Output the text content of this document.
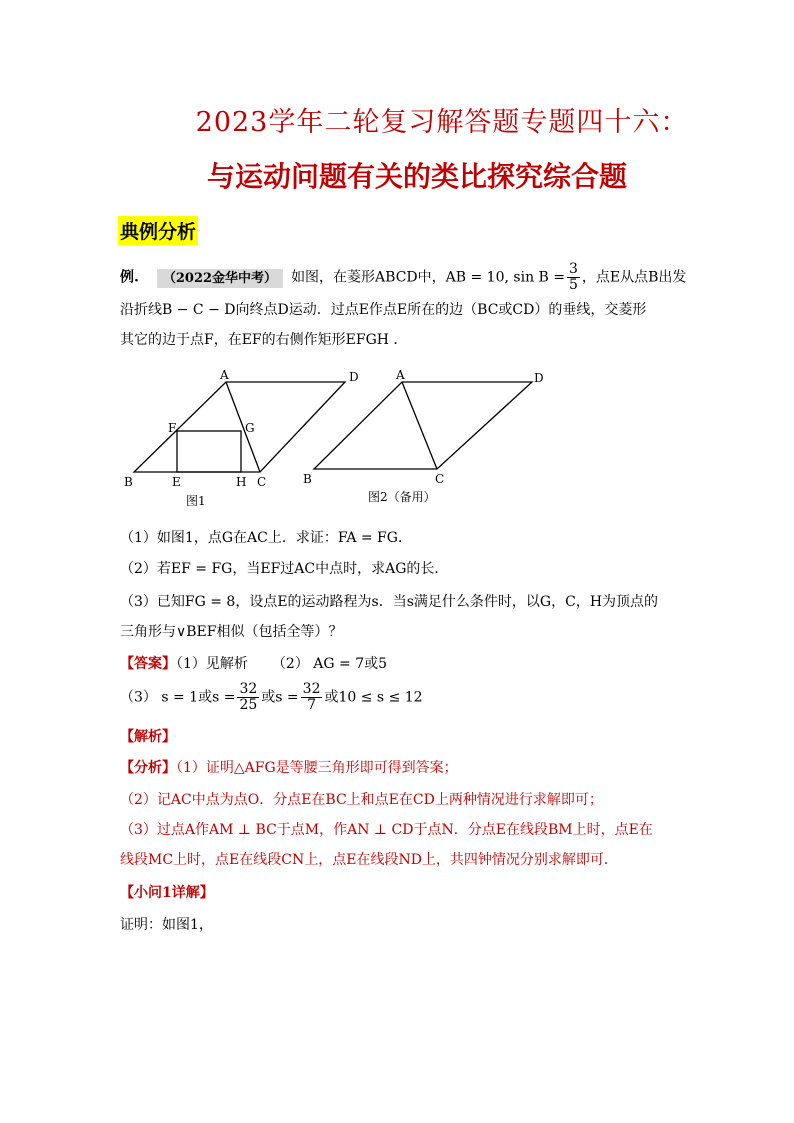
2023学年二轮复习解答题专题四十六：
与运动问题有关的类比探究综合题
典例分析
例. （2022金华中考） 如图，在菱形ABCD中，AB = 10, $\sin B = \frac{3}{5}$ ，点E从点B出发
沿折线B − C − D向终点D运动．过点E作点E所在的边（BC或CD）的垂线，交菱形
其它的边于点F，在EF的右侧作矩形EFGH ．
A	D
B	C
E
F	G
H
图1
A	D
B	C
图2（备用）
（1）如图1，点G在AC上．求证：FA = FG．
（2）若EF = FG，当EF过AC中点时，求AG的长．
（3）已知FG = 8，设点E的运动路程为s．当s满足什么条件时，以G，C，H为顶点的
三角形与∨BEF相似（包括全等）？
【答案】（1）见解析 （2） AG = 7或5
（3） s = 1或$s = \frac{32}{25}$ 或$s = \frac{32}{7}$ 或10 ≤ s ≤ 12
【解析】
【分析】（1）证明△AFG是等腰三角形即可得到答案；
（2）记AC中点为点O．分点E在BC上和点E在CD上两种情况进行求解即可；
（3）过点A作AM ⊥ BC于点M，作AN ⊥ CD于点N．分点E在线段BM上时，点E在
线段MC上时，点E在线段CN上，点E在线段ND上，共四钟情况分别求解即可．
【小问1详解】
证明：如图1，
